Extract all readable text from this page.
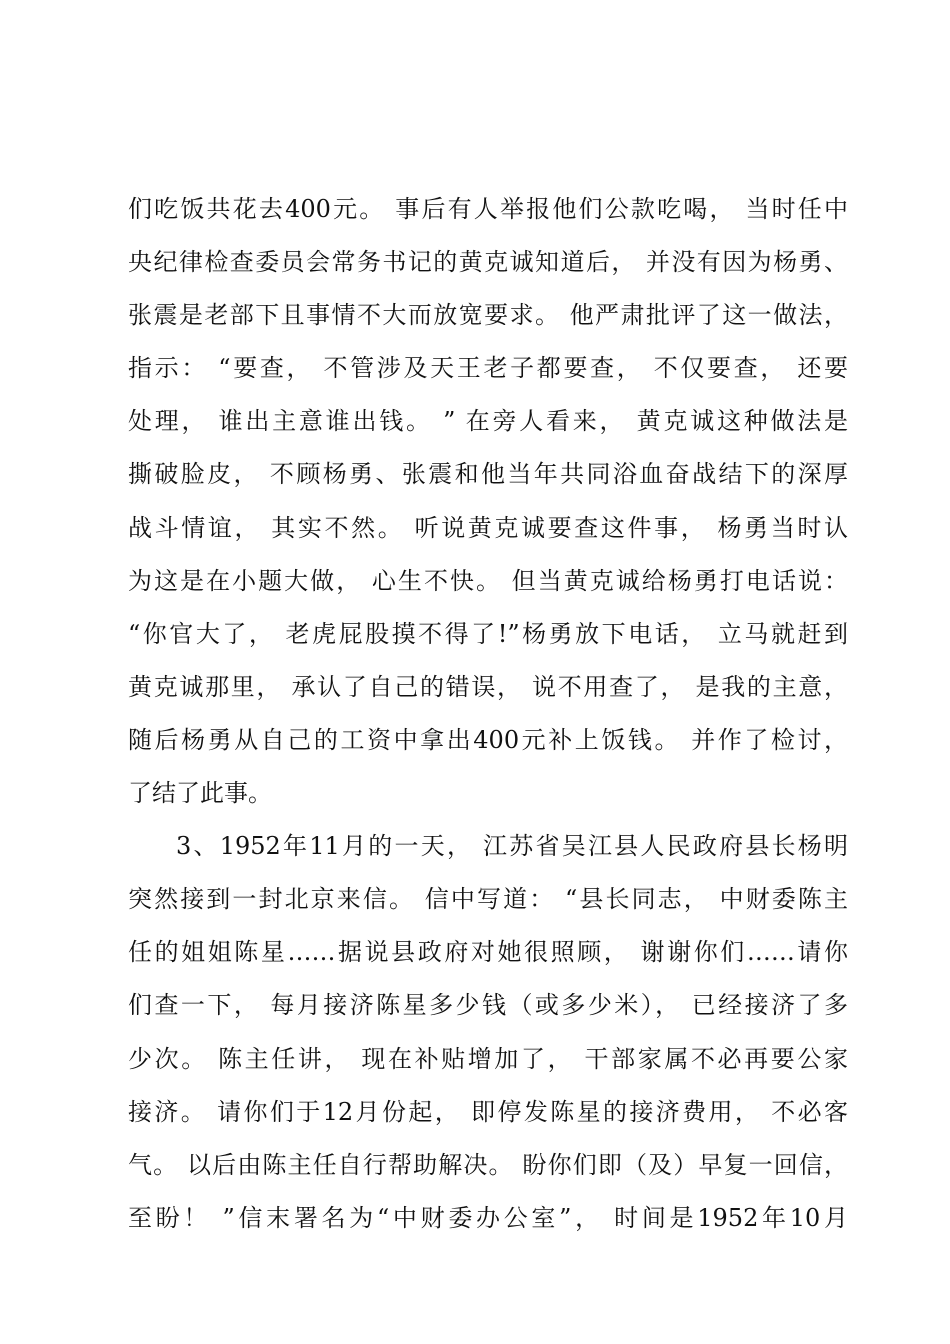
们吃饭共花去400元。 事后有人举报他们公款吃喝， 当时任中
央纪律检查委员会常务书记的黄克诚知道后， 并没有因为杨勇、
张震是老部下且事情不大而放宽要求。 他严肃批评了这一做法，
指示： “要查， 不管涉及天王老子都要查， 不仅要查， 还要
处理， 谁出主意谁出钱。 ” 在旁人看来， 黄克诚这种做法是
撕破脸皮， 不顾杨勇、张震和他当年共同浴血奋战结下的深厚
战斗情谊， 其实不然。 听说黄克诚要查这件事， 杨勇当时认
为这是在小题大做， 心生不快。 但当黄克诚给杨勇打电话说：
“你官大了， 老虎屁股摸不得了!”杨勇放下电话， 立马就赶到
黄克诚那里， 承认了自己的错误， 说不用查了， 是我的主意，
随后杨勇从自己的工资中拿出400元补上饭钱。 并作了检讨，
了结了此事。
3、1952年11月的一天， 江苏省吴江县人民政府县长杨明
突然接到一封北京来信。 信中写道： “县长同志， 中财委陈主
任的姐姐陈星……据说县政府对她很照顾， 谢谢你们……请你
们查一下， 每月接济陈星多少钱（或多少米）， 已经接济了多
少次。 陈主任讲， 现在补贴增加了， 干部家属不必再要公家
接济。 请你们于12月份起， 即停发陈星的接济费用， 不必客
气。 以后由陈主任自行帮助解决。 盼你们即（及）早复一回信，
至盼！ ”信末署名为“中财委办公室”， 时间是1952年10月
